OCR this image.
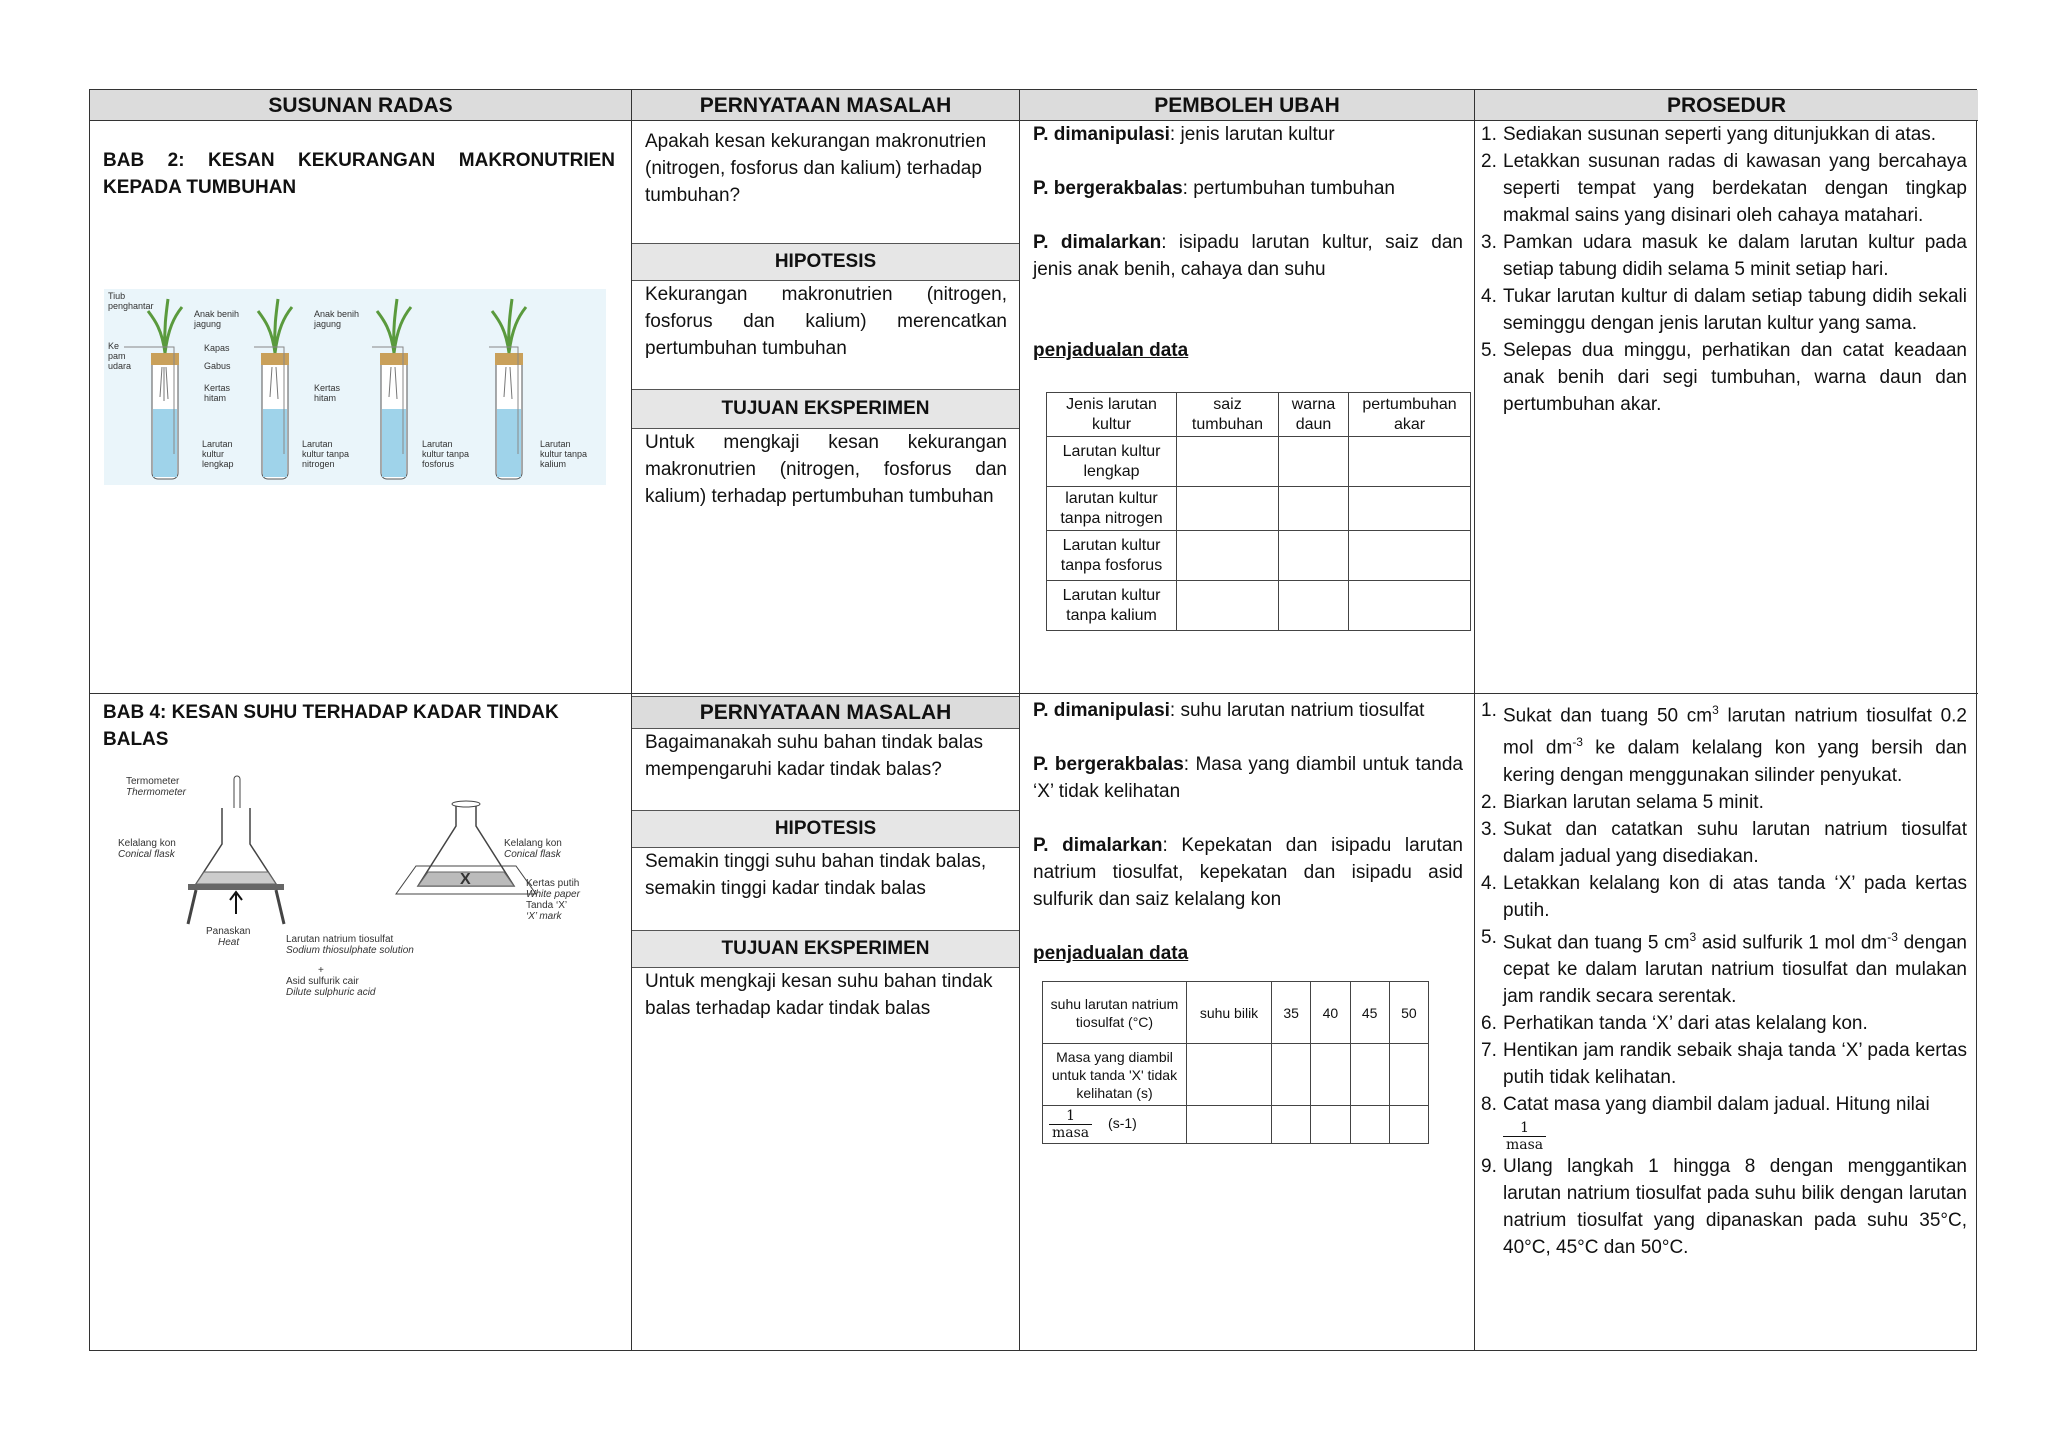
SUSUNAN RADAS
BAB 2: KESAN KEKURANGAN MAKRONUTRIEN KEPADA TUMBUHAN
Tiub
penghantar
Ke
pam
udara
Anak benih
jagung
Kapas
Gabus
Kertas
hitam
Larutan
kultur
lengkap
Anak benih
jagung
Kertas
hitam
Larutan
kultur tanpa
nitrogen
Larutan
kultur tanpa
fosforus
Larutan
kultur tanpa
kalium
BAB 4: KESAN SUHU TERHADAP KADAR TINDAK BALAS
X
Termometer
Thermometer
Kelalang kon
Conical flask
Panaskan
Heat	Larutan natrium tiosulfat
Sodium thiosulphate solution
Kelalang kon
Conical flask
Kertas putih
White paper
Tanda ‘X’
‘X’ mark
+
Asid sulfurik cair
Dilute sulphuric acid
PERNYATAAN MASALAH
Apakah kesan kekurangan makronutrien (nitrogen, fosforus dan kalium) terhadap tumbuhan?
HIPOTESIS
Kekurangan makronutrien (nitrogen, fosforus dan kalium) merencatkan pertumbuhan tumbuhan
TUJUAN EKSPERIMEN
Untuk mengkaji kesan kekurangan makronutrien (nitrogen, fosforus dan kalium) terhadap pertumbuhan tumbuhan
PERNYATAAN MASALAH
Bagaimanakah suhu bahan tindak balas mempengaruhi kadar tindak balas?
HIPOTESIS
Semakin tinggi suhu bahan tindak balas, semakin tinggi kadar tindak balas
TUJUAN EKSPERIMEN
Untuk mengkaji kesan suhu bahan tindak balas terhadap kadar tindak balas
PEMBOLEH UBAH
P. dimanipulasi: jenis larutan kultur
P. bergerakbalas: pertumbuhan tumbuhan
P. dimalarkan: isipadu larutan kultur, saiz dan jenis anak benih, cahaya dan suhu
penjadualan data
Jenis larutan kultur	saiz tumbuhan	warna daun	pertumbuhan akar
Larutan kultur lengkap			
larutan kultur tanpa nitrogen			
Larutan kultur tanpa fosforus			
Larutan kultur tanpa kalium			
P. dimanipulasi: suhu larutan natrium tiosulfat
P. bergerakbalas: Masa yang diambil untuk tanda ‘X’ tidak kelihatan
P. dimalarkan: Kepekatan dan isipadu larutan natrium tiosulfat, kepekatan dan isipadu asid sulfurik dan saiz kelalang kon
penjadualan data
suhu larutan natrium tiosulfat (°C)	suhu bilik	35	40	45	50
Masa yang diambil untuk tanda 'X' tidak kelihatan (s)					

$\frac{1}{\text{masa}} (s-1)$					
PROSEDUR
1. Sediakan susunan seperti yang ditunjukkan di atas.
2. Letakkan susunan radas di kawasan yang bercahaya seperti tempat yang berdekatan dengan tingkap makmal sains yang disinari oleh cahaya matahari.
3. Pamkan udara masuk ke dalam larutan kultur pada setiap tabung didih selama 5 minit setiap hari.
4. Tukar larutan kultur di dalam setiap tabung didih sekali seminggu dengan jenis larutan kultur yang sama.
5. Selepas dua minggu, perhatikan dan catat keadaan anak benih dari segi tumbuhan, warna daun dan pertumbuhan akar.
1. Sukat dan tuang 50 $cm^3$ larutan natrium tiosulfat 0.2 mol $dm^{-3}$ ke dalam kelalang kon yang bersih dan kering dengan menggunakan silinder penyukat.
2. Biarkan larutan selama 5 minit.
3. Sukat dan catatkan suhu larutan natrium tiosulfat dalam jadual yang disediakan.
4. Letakkan kelalang kon di atas tanda ‘X’ pada kertas putih.
5. Sukat dan tuang 5 $cm^3$ asid sulfurik 1 mol $dm^{-3}$ dengan cepat ke dalam larutan natrium tiosulfat dan mulakan jam randik secara serentak.
6. Perhatikan tanda ‘X’ dari atas kelalang kon.
7. Hentikan jam randik sebaik shaja tanda ‘X’ pada kertas putih tidak kelihatan.
8. Catat masa yang diambil dalam jadual. Hitung nilai

$\frac{1}{\text{masa}}$
9. Ulang langkah 1 hingga 8 dengan menggantikan larutan natrium tiosulfat pada suhu bilik dengan larutan natrium tiosulfat yang dipanaskan pada suhu 35°C, 40°C, 45°C dan 50°C.
